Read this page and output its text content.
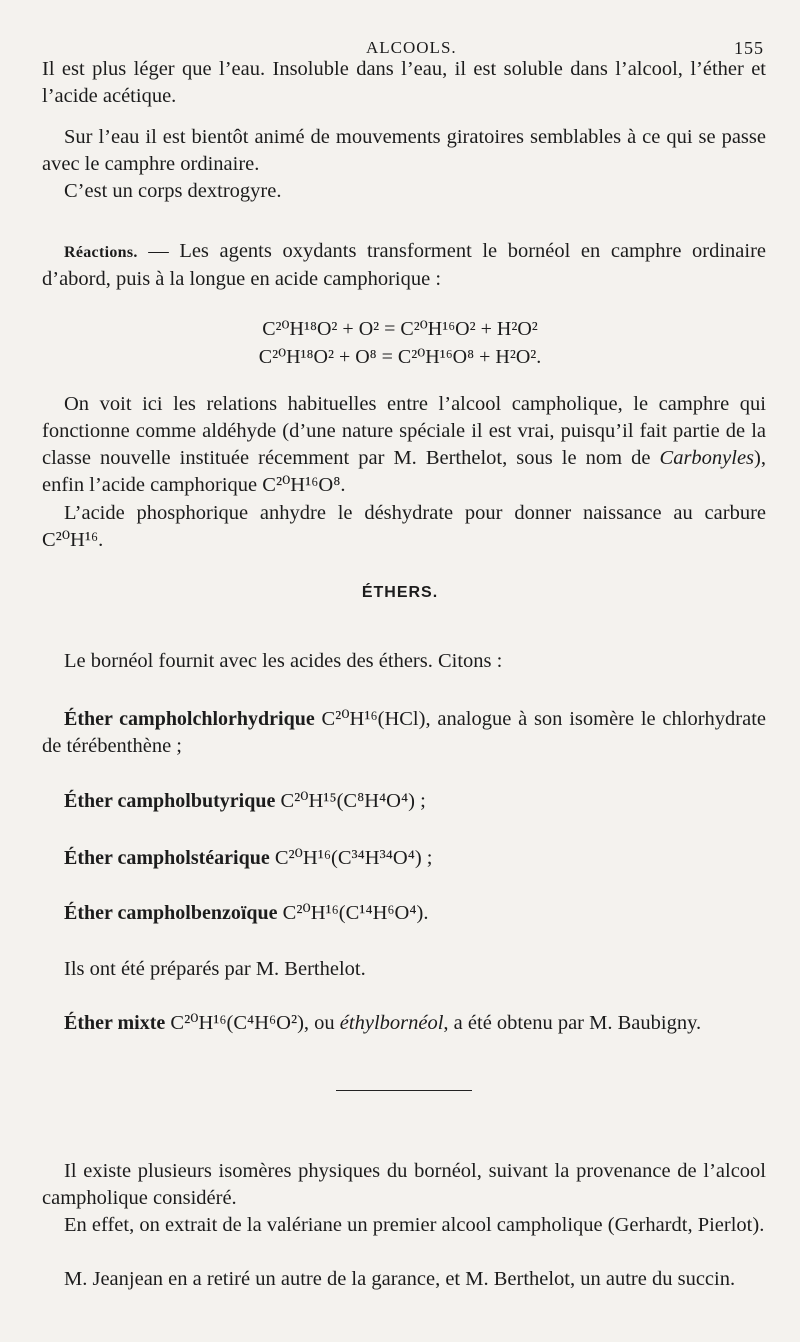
ALCOOLS.	155

Il est plus léger que l’eau. Insoluble dans l’eau, il est soluble dans l’alcool, l’éther et l’acide acétique.

Sur l’eau il est bientôt animé de mouvements giratoires semblables à ce qui se passe avec le camphre ordinaire.

C’est un corps dextrogyre.

Réactions. — Les agents oxydants transforment le bornéol en camphre ordinaire d’abord, puis à la longue en acide camphorique :

C²⁰H¹⁸O² + O² = C²⁰H¹⁶O² + H²O²
C²⁰H¹⁸O² + O⁸ = C²⁰H¹⁶O⁸ + H²O².

On voit ici les relations habituelles entre l’alcool campholique, le camphre qui fonctionne comme aldéhyde (d’une nature spéciale il est vrai, puisqu’il fait partie de la classe nouvelle instituée récemment par M. Berthelot, sous le nom de Carbonyles), enfin l’acide camphorique C²⁰H¹⁶O⁸.

L’acide phosphorique anhydre le déshydrate pour donner naissance au carbure C²⁰H¹⁶.

ÉTHERS.

Le bornéol fournit avec les acides des éthers. Citons :

Éther campholchlorhydrique C²⁰H¹⁶(HCl), analogue à son isomère le chlorhydrate de térébenthène ;

Éther campholbutyrique C²⁰H¹⁵(C⁸H⁴O⁴) ;

Éther campholstéarique C²⁰H¹⁶(C³⁴H³⁴O⁴) ;

Éther campholbenzoïque C²⁰H¹⁶(C¹⁴H⁶O⁴).

Ils ont été préparés par M. Berthelot.

Éther mixte C²⁰H¹⁶(C⁴H⁶O²), ou éthylbornéol, a été obtenu par M. Baubigny.

Il existe plusieurs isomères physiques du bornéol, suivant la provenance de l’alcool campholique considéré.

En effet, on extrait de la valériane un premier alcool campholique (Gerhardt, Pierlot).

M. Jeanjean en a retiré un autre de la garance, et M. Berthelot, un autre du succin.
